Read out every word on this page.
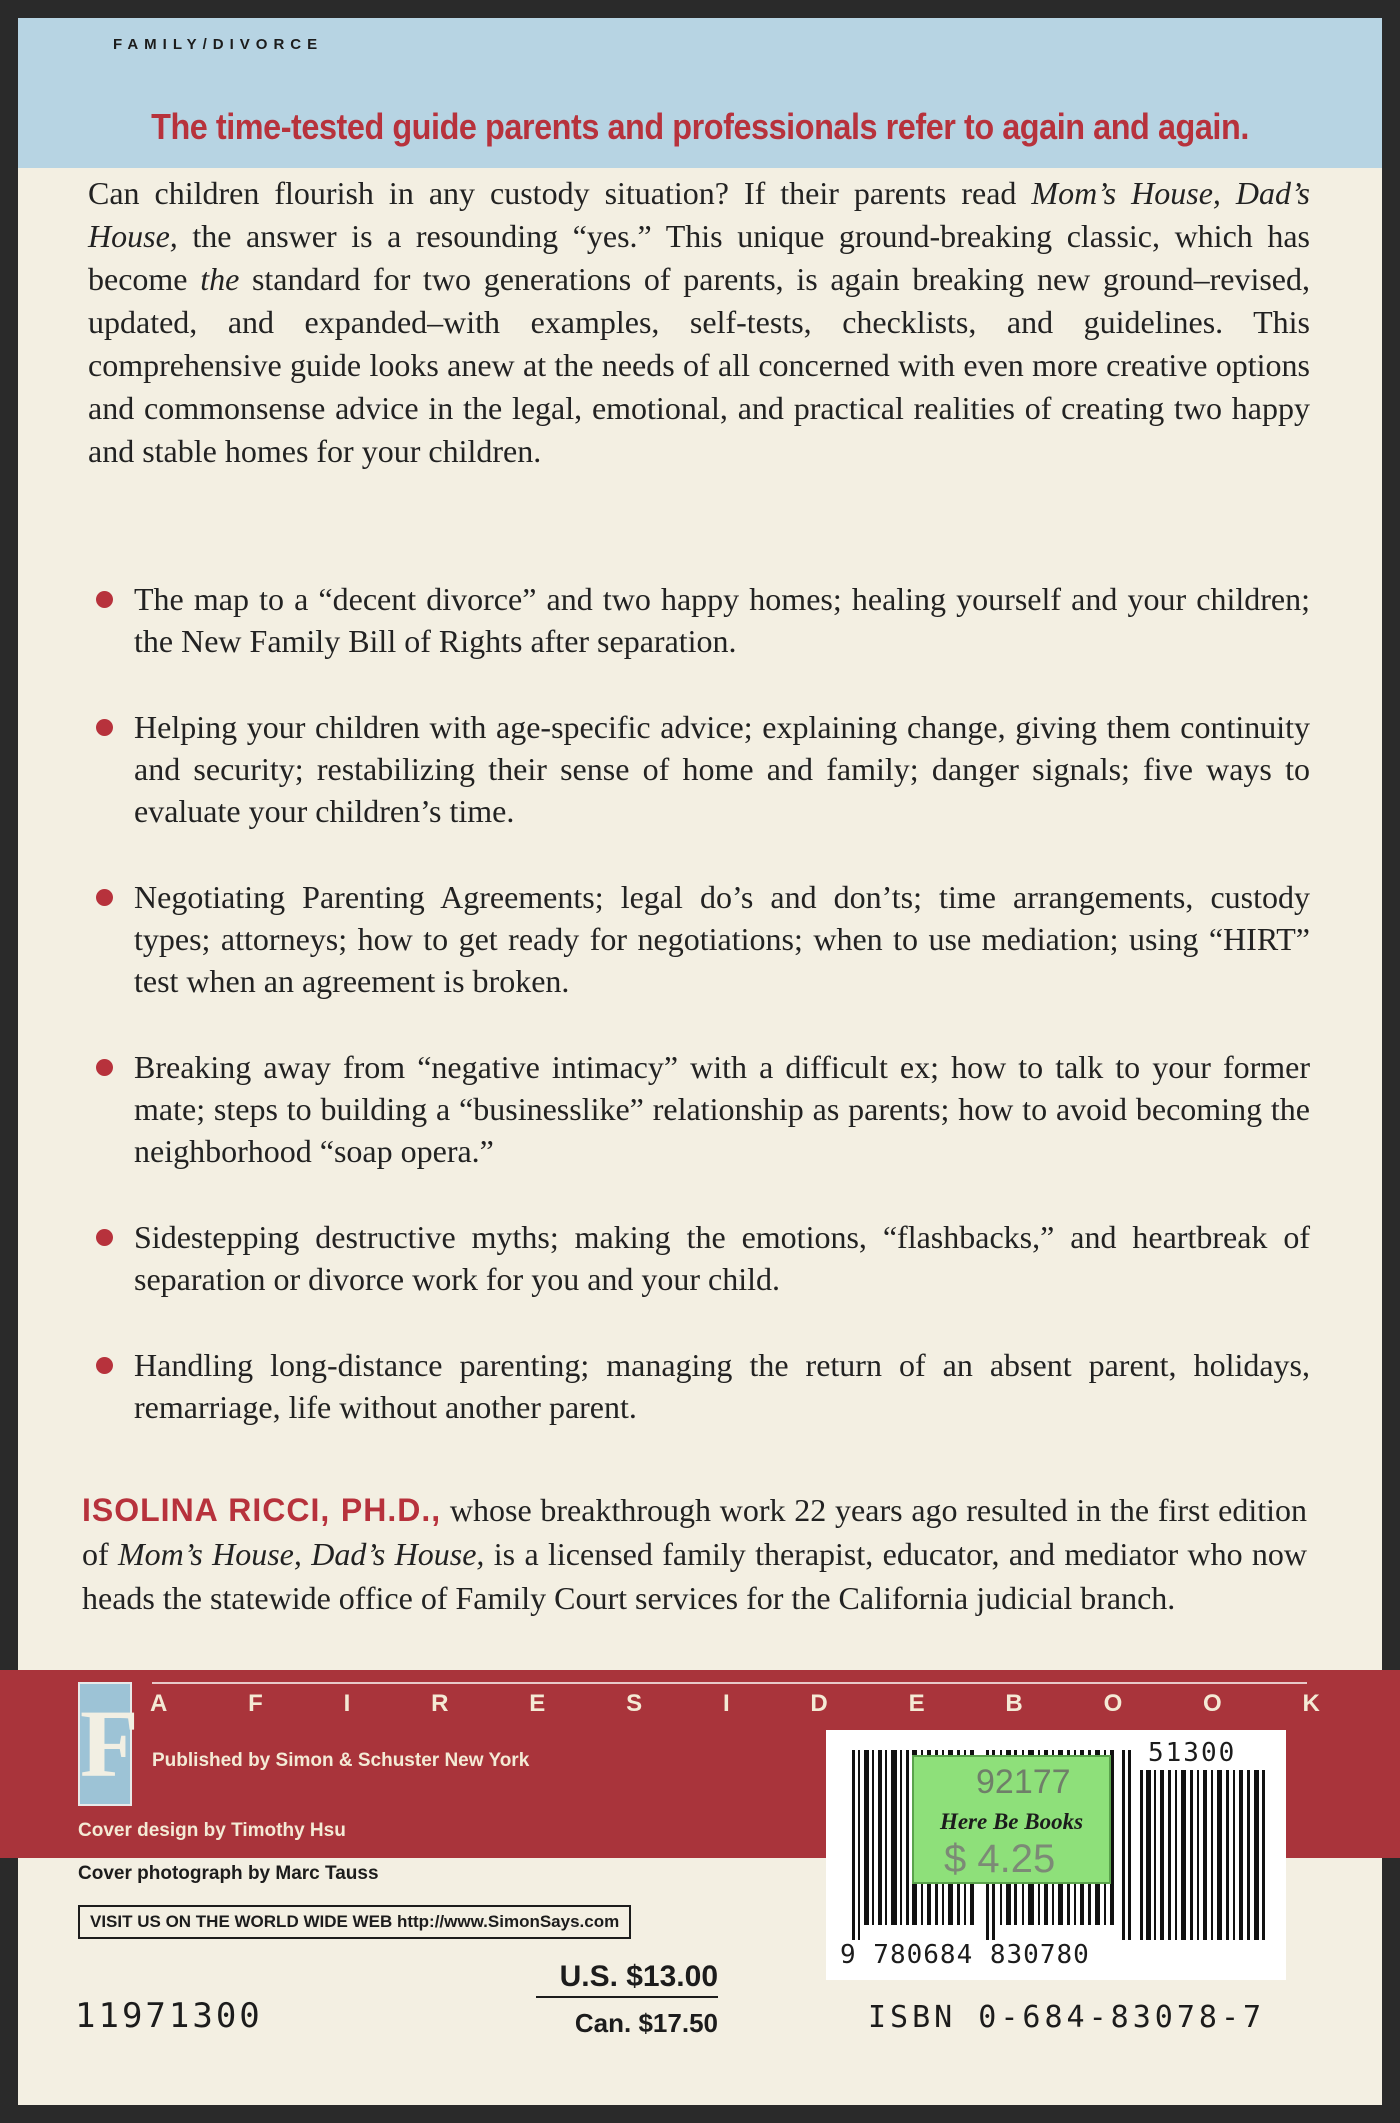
FAMILY/DIVORCE
The time-tested guide parents and professionals refer to again and again.
Can children flourish in any custody situation? If their parents read Mom’s House, Dad’s House, the answer is a resounding “yes.” This unique ground-breaking classic, which has become the standard for two generations of parents, is again breaking new ground–revised, updated, and expanded–with examples, self-tests, checklists, and guidelines. This comprehensive guide looks anew at the needs of all concerned with even more creative options and commonsense advice in the legal, emotional, and practical realities of creating two happy and stable homes for your children.
The map to a “decent divorce” and two happy homes; healing yourself and your children; the New Family Bill of Rights after separation.
Helping your children with age-specific advice; explaining change, giving them continuity and security; restabilizing their sense of home and family; danger signals; five ways to evaluate your children’s time.
Negotiating Parenting Agreements; legal do’s and don’ts; time arrangements, custody types; attorneys; how to get ready for negotiations; when to use mediation; using “HIRT” test when an agreement is broken.
Breaking away from “negative intimacy” with a difficult ex; how to talk to your former mate; steps to building a “businesslike” relationship as parents; how to avoid becoming the neighborhood “soap opera.”
Sidestepping destructive myths; making the emotions, “flashbacks,” and heartbreak of separation or divorce work for you and your child.
Handling long-distance parenting; managing the return of an absent parent, holidays, remarriage, life without another parent.
ISOLINA RICCI, PH.D., whose breakthrough work 22 years ago resulted in the first edition of Mom’s House, Dad’s House, is a licensed family therapist, educator, and mediator who now heads the statewide office of Family Court services for the California judicial branch.
F A	F	I	R	E	S	I	D	E	B	O	O	K
Published by Simon & Schuster New York
Cover design by Timothy Hsu
Cover photograph by Marc Tauss
VISIT US ON THE WORLD WIDE WEB http://www.SimonSays.com
11971300
U.S. $13.00
Can. $17.50
51300
9 780684 830780
92177
Here Be Books
$ 4.25
ISBN 0-684-83078-7
